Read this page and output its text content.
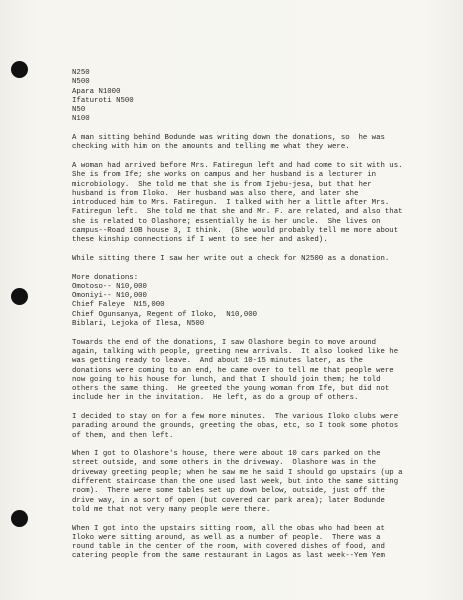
N250
N500
Apara N1000
Ifaturoti N500
N50
N100
A man sitting behind Bodunde was writing down the donations, so  he was
checking with him on the amounts and telling me what they were.
A woman had arrived before Mrs. Fatiregun left and had come to sit with us.
She is from Ife; she works on campus and her husband is a lecturer in
microbiology.  She told me that she is from Ijebu-jesa, but that her
husband is from Iloko.  Her husband was also there, and later she
introduced him to Mrs. Fatiregun.  I talked with her a little after Mrs.
Fatiregun left.  She told me that she and Mr. F. are related, and also that
she is related to Olashore; essentially he is her uncle.  She lives on
campus--Road 10B house 3, I think.  (She would probably tell me more about
these kinship connections if I went to see her and asked).
While sitting there I saw her write out a check for N2500 as a donation.
More donations:
Omotoso-- N10,000
Omoniyi-- N10,000
Chief Faleye  N15,000
Chief Ogunsanya, Regent of Iloko,  N10,000
Biblari, Lejoka of Ilesa, N500
Towards the end of the donations, I saw Olashore begin to move around
again, talking with people, greeting new arrivals.  It also looked like he
was getting ready to leave.  And about 10-15 minutes later, as the
donations were coming to an end, he came over to tell me that people were
now going to his house for lunch, and that I should join them; he told
others the same thing.  He greeted the young woman from Ife, but did not
include her in the invitation.  He left, as do a group of others.
I decided to stay on for a few more minutes.  The various Iloko clubs were
parading around the grounds, greeting the obas, etc, so I took some photos
of them, and then left.
When I got to Olashore's house, there were about 10 cars parked on the
street outside, and some others in the driveway.  Olashore was in the
driveway greeting people; when he saw me he said I should go upstairs (up a
different staircase than the one used last week, but into the same sitting
room).  There were some tables set up down below, outside, just off the
drive way, in a sort of open (but covered car park area); later Bodunde
told me that not very many people were there.
When I got into the upstairs sitting room, all the obas who had been at
Iloko were sitting around, as well as a number of people.  There was a
round table in the center of the room, with covered dishes of food, and
catering people from the same restaurant in Lagos as last week--Yem Yem
